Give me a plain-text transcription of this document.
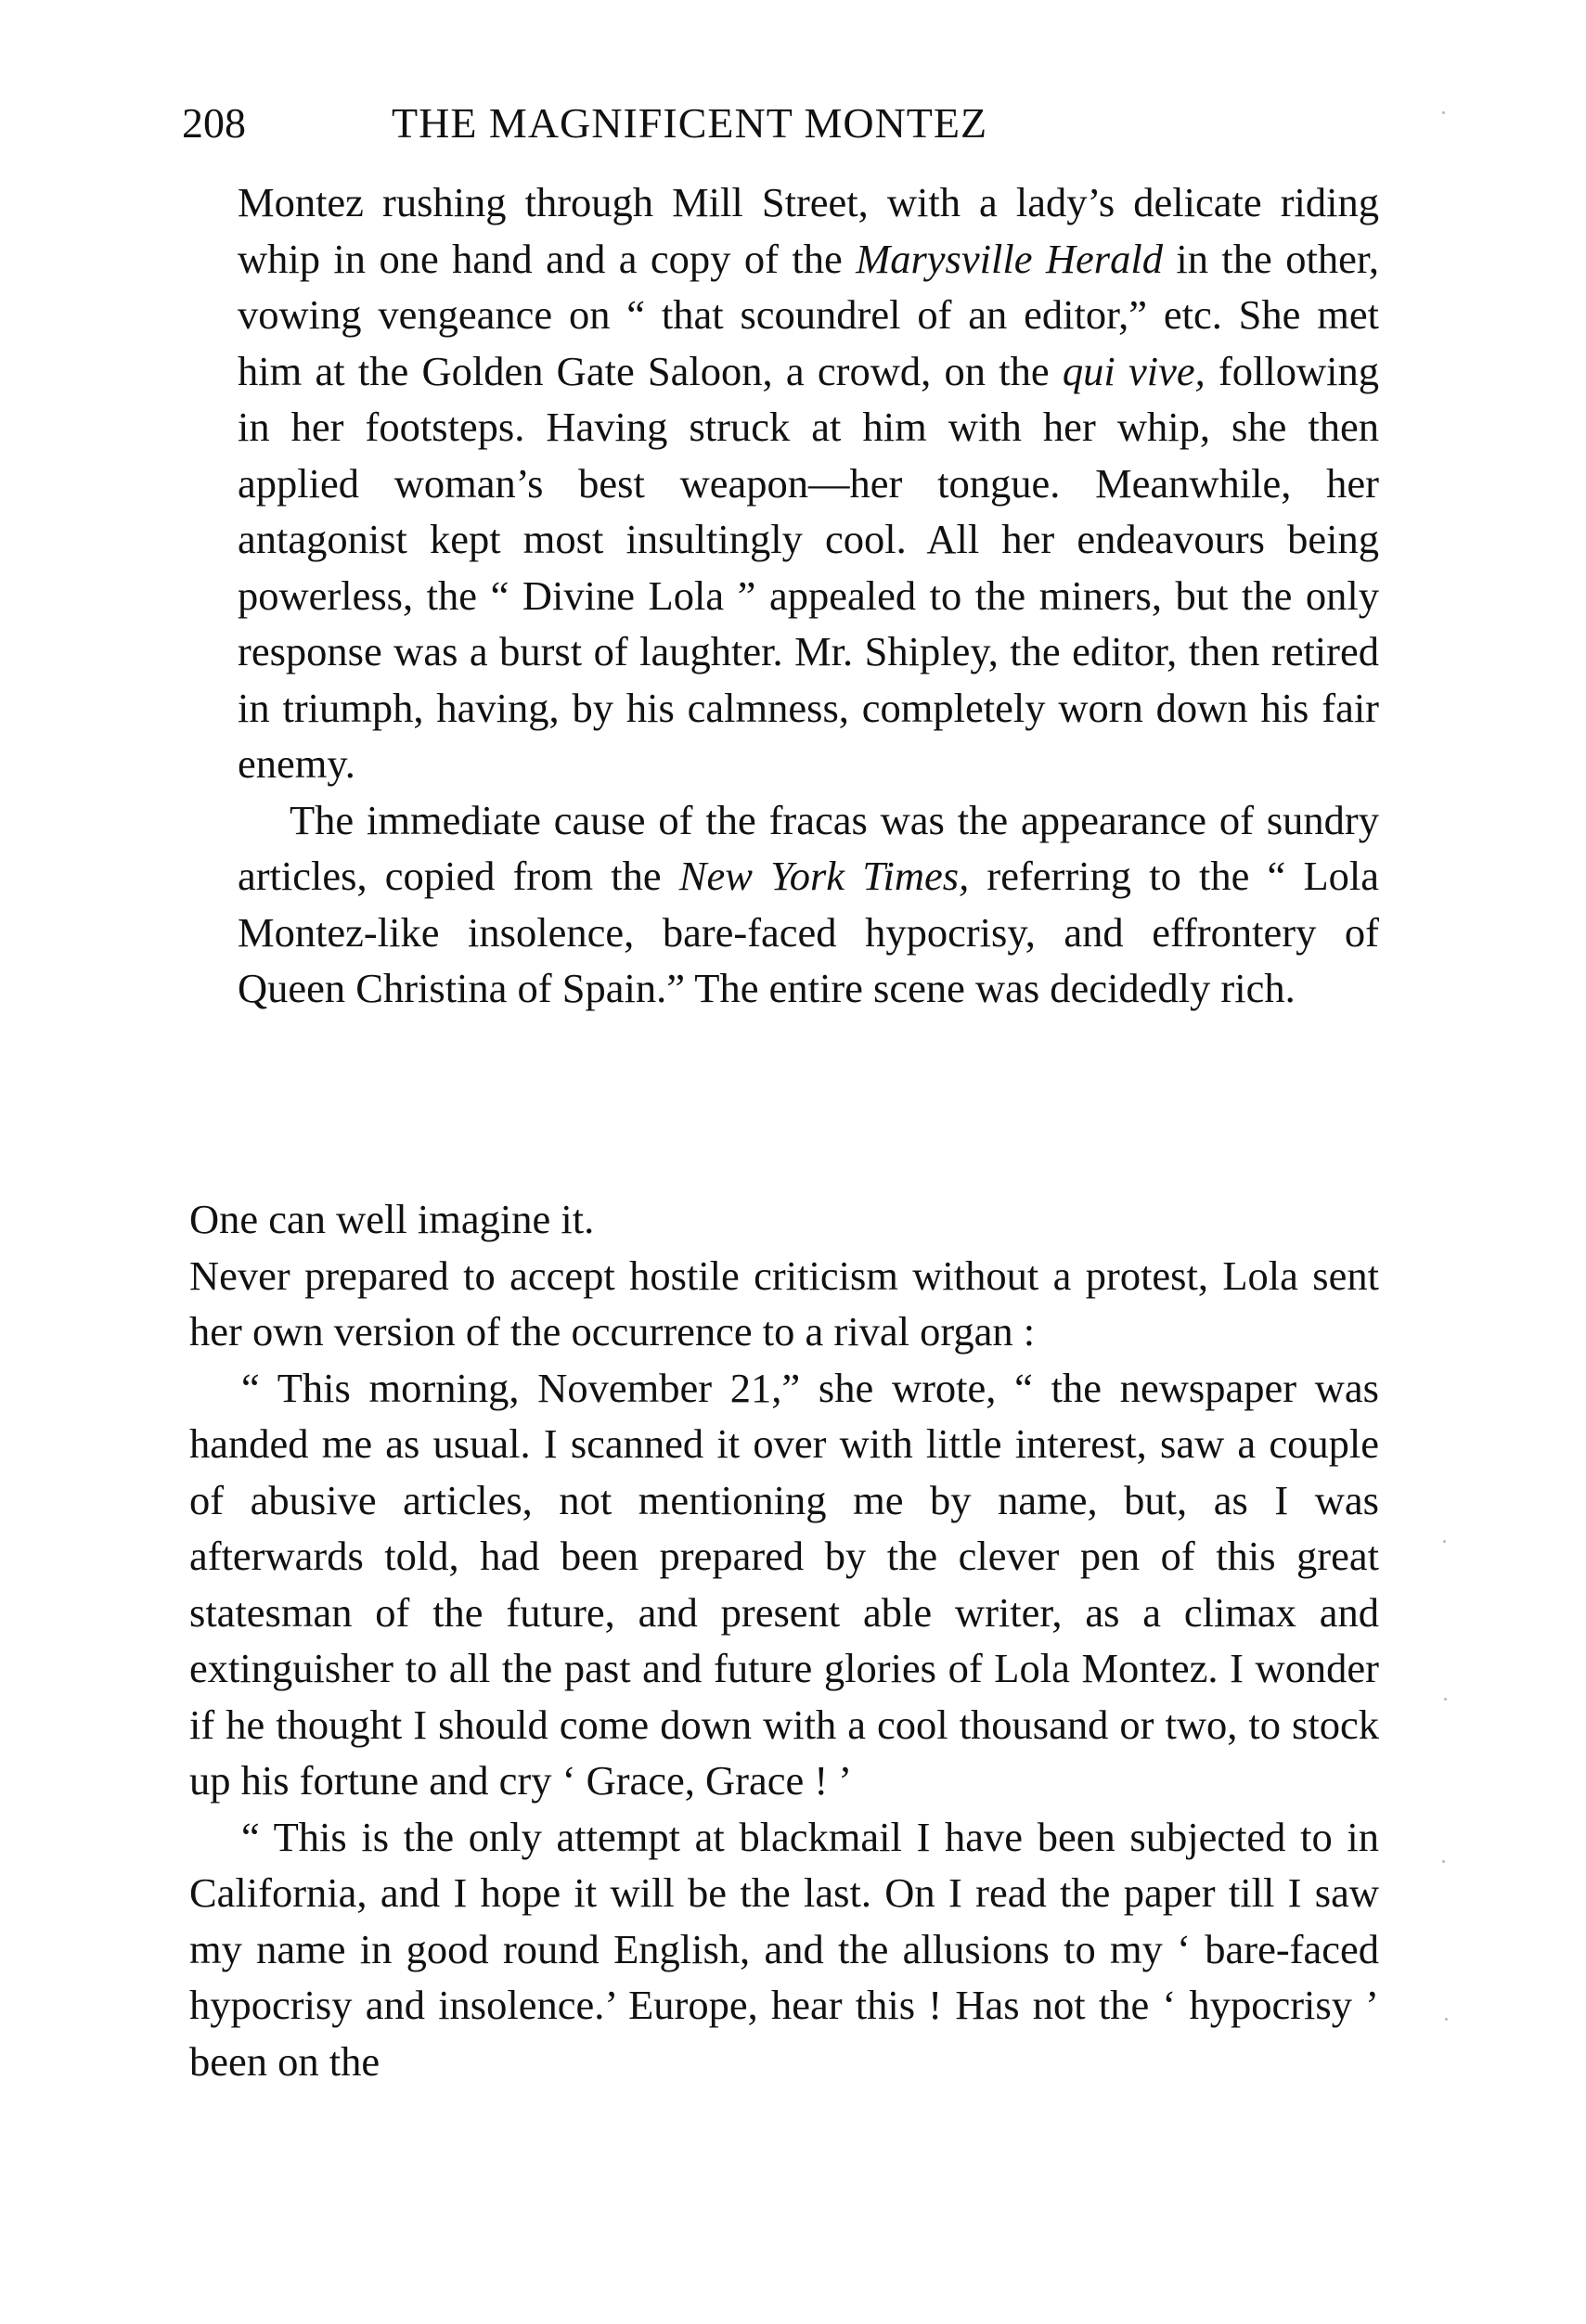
208	THE MAGNIFICENT MONTEZ

Montez rushing through Mill Street, with a lady’s delicate riding whip in one hand and a copy of the Marysville Herald in the other, vowing vengeance on “ that scoundrel of an editor,” etc. She met him at the Golden Gate Saloon, a crowd, on the qui vive, following in her footsteps. Having struck at him with her whip, she then applied woman’s best weapon—her tongue. Meanwhile, her antagonist kept most insultingly cool. All her endeavours being powerless, the “ Divine Lola ” appealed to the miners, but the only response was a burst of laughter. Mr. Shipley, the editor, then retired in triumph, having, by his calmness, completely worn down his fair enemy.

The immediate cause of the fracas was the appearance of sundry articles, copied from the New York Times, referring to the “ Lola Montez-like insolence, bare-faced hypocrisy, and effrontery of Queen Christina of Spain.” The entire scene was decidedly rich.

One can well imagine it.

Never prepared to accept hostile criticism without a protest, Lola sent her own version of the occurrence to a rival organ :

“ This morning, November 21,” she wrote, “ the newspaper was handed me as usual. I scanned it over with little interest, saw a couple of abusive articles, not mentioning me by name, but, as I was afterwards told, had been prepared by the clever pen of this great statesman of the future, and present able writer, as a climax and extinguisher to all the past and future glories of Lola Montez. I wonder if he thought I should come down with a cool thousand or two, to stock up his fortune and cry ‘ Grace, Grace ! ’

“ This is the only attempt at blackmail I have been subjected to in California, and I hope it will be the last. On I read the paper till I saw my name in good round English, and the allusions to my ‘ bare-faced hypocrisy and insolence.’ Europe, hear this ! Has not the ‘ hypocrisy ’ been on the
